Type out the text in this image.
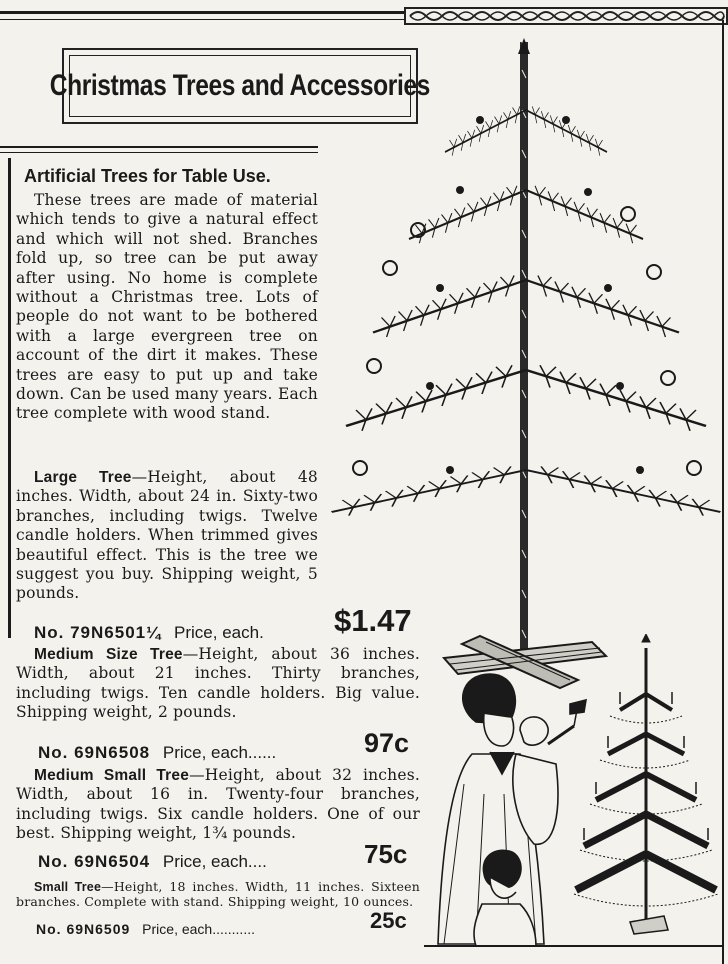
Christmas Trees and Accessories
Artificial Trees for Table Use.
These trees are made of material which tends to give a natural effect and which will not shed. Branches fold up, so tree can be put away after using. No home is complete without a Christmas tree. Lots of people do not want to be bothered with a large evergreen tree on account of the dirt it makes. These trees are easy to put up and take down. Can be used many years. Each tree complete with wood stand.
Large Tree—Height, about 48 inches. Width, about 24 in. Sixty-two branches, including twigs. Twelve candle holders. When trimmed gives beautiful effect. This is the tree we suggest you buy. Shipping weight, 5 pounds.
No. 79N6501¼ Price, each. $1.47
Medium Size Tree—Height, about 36 inches. Width, about 21 inches. Thirty branches, including twigs. Ten candle holders. Big value. Shipping weight, 2 pounds.
No. 69N6508 Price, each......	97c
Medium Small Tree—Height, about 32 inches. Width, about 16 in. Twenty-four branches, including twigs. Six candle holders. One of our best. Shipping weight, 1¾ pounds.
No. 69N6504 Price, each....	75c
Small Tree—Height, 18 inches. Width, 11 inches. Sixteen branches. Complete with stand. Shipping weight, 10 ounces.
No. 69N6509 Price, each...........	25c
